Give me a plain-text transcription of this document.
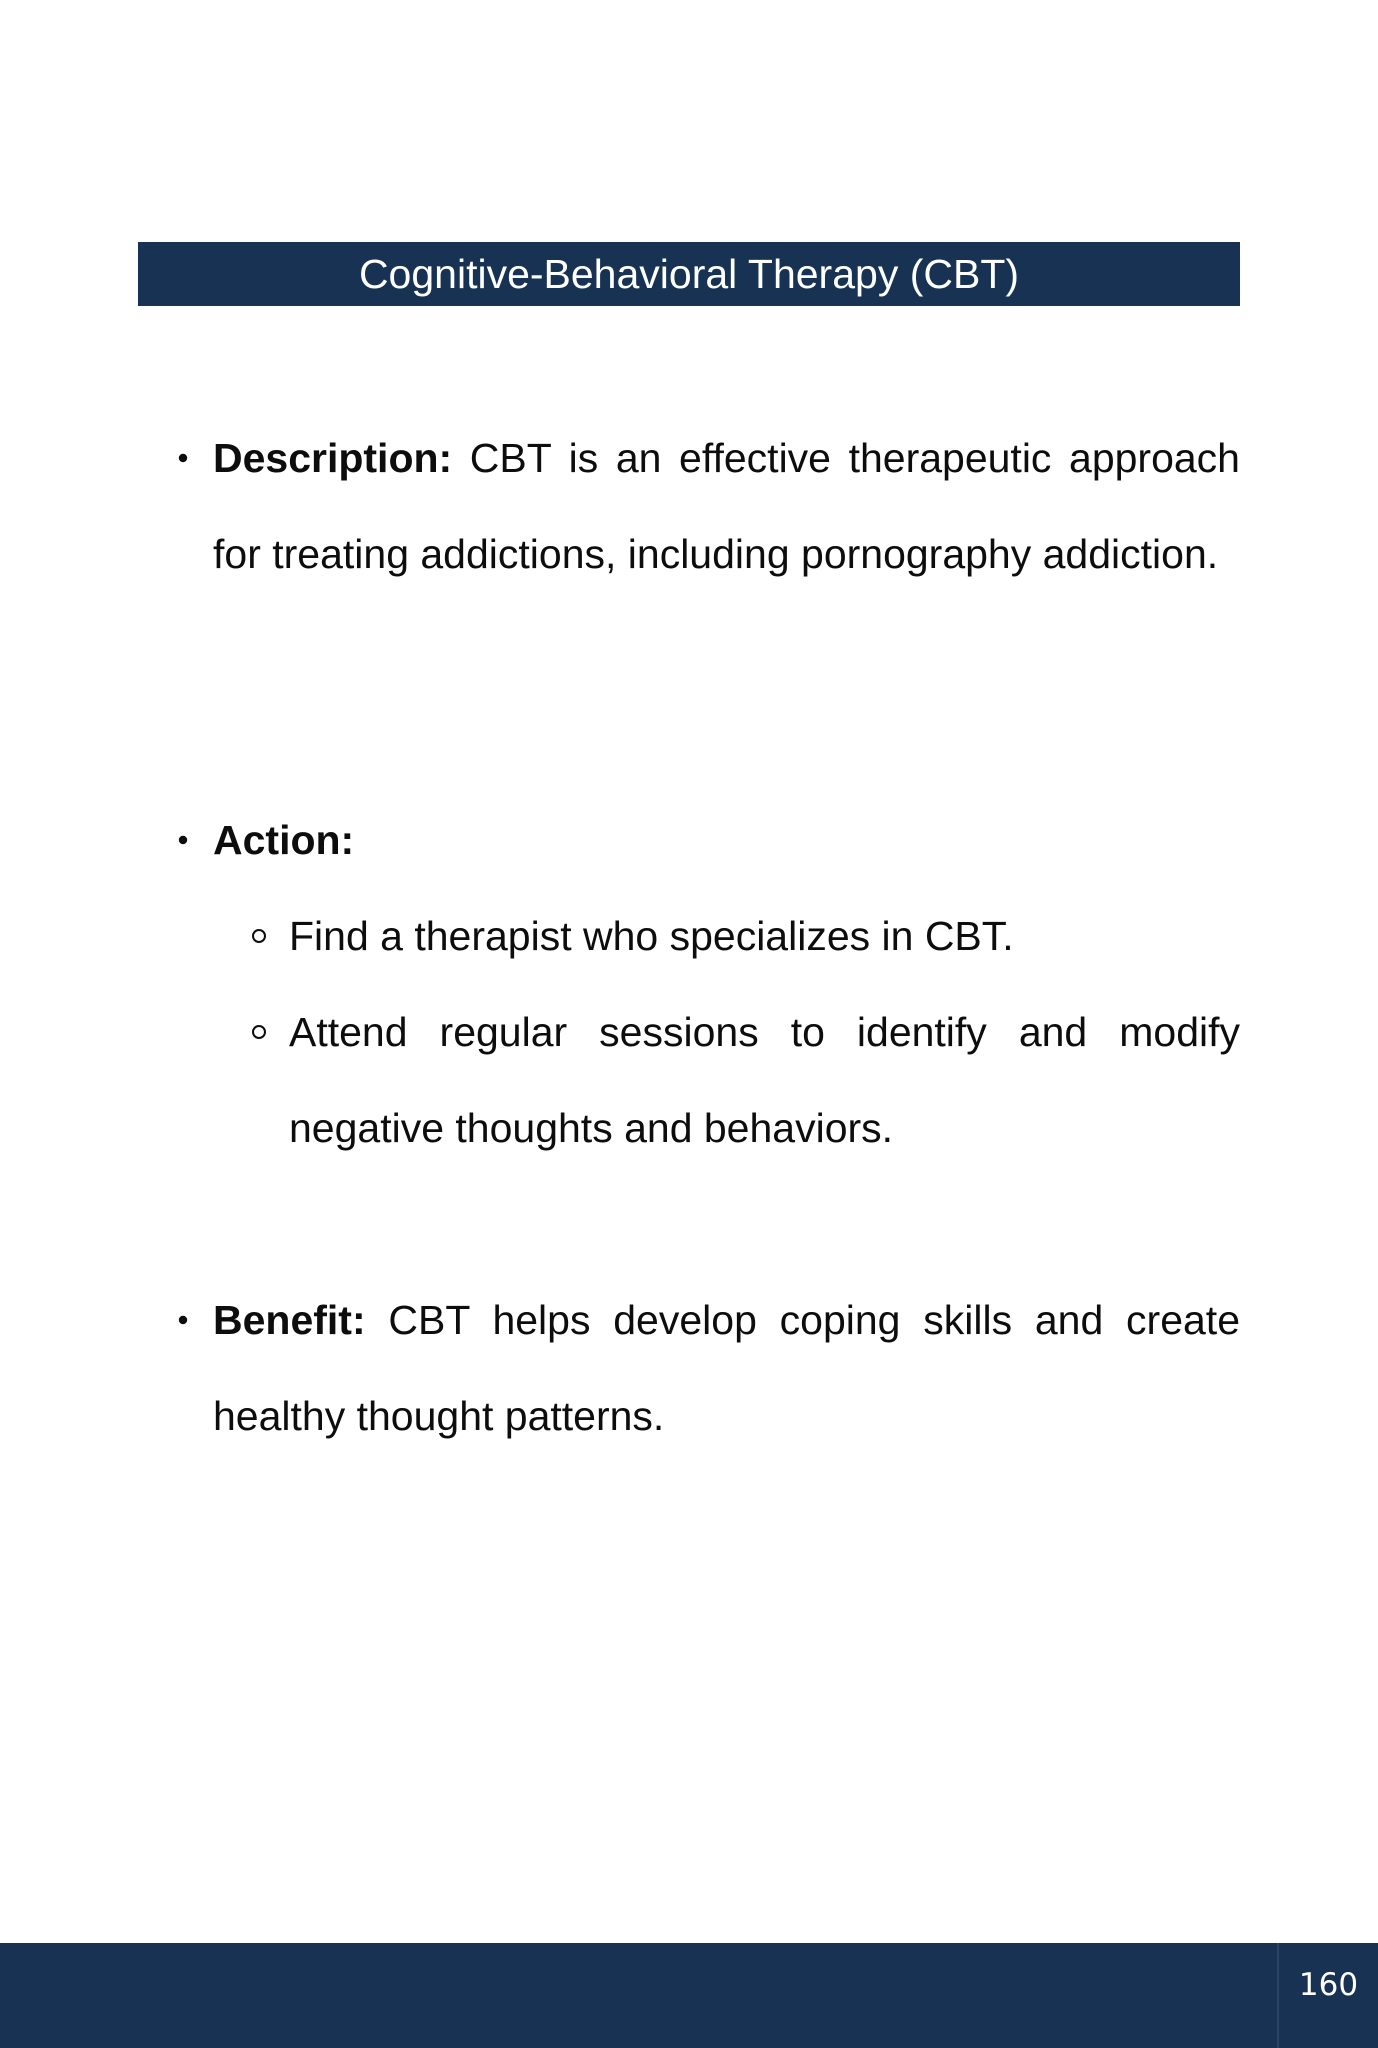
Cognitive-Behavioral Therapy (CBT)
Description: CBT is an effective therapeutic approach for treating addictions, including pornography addiction.
Action:
Find a therapist who specializes in CBT.
Attend regular sessions to identify and modify negative thoughts and behaviors.
Benefit: CBT helps develop coping skills and create healthy thought patterns.
160
